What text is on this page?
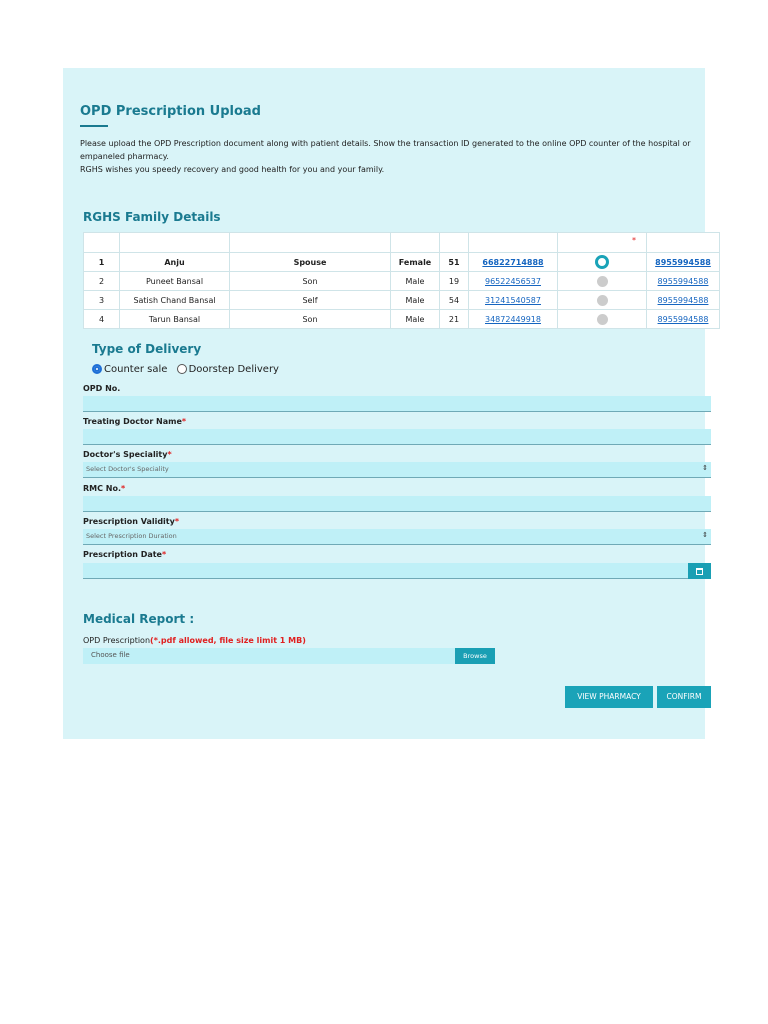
OPD Prescription Upload
Please upload the OPD Prescription document along with patient details. Show the transaction ID generated to the online OPD counter of the hospital or empaneled pharmacy.
RGHS wishes you speedy recovery and good health for you and your family.
RGHS Family Details

						*	

1	Anju	Spouse	Female	51	66822714888		8955994588
2	Puneet Bansal	Son	Male	19	96522456537		8955994588
3	Satish Chand Bansal	Self	Male	54	31241540587		8955994588
4	Tarun Bansal	Son	Male	21	34872449918		8955994588
Type of Delivery
Counter sale Doorstep Delivery
OPD No.
Treating Doctor Name*
Doctor's Speciality*
Select Doctor's Speciality	⇕
RMC No.*
Prescription Validity*
Select Prescription Duration	⇕
Prescription Date*
Medical Report :
OPD Prescription(*.pdf allowed, file size limit 1 MB)
Choose file	Browse
VIEW PHARMACY	CONFIRM
